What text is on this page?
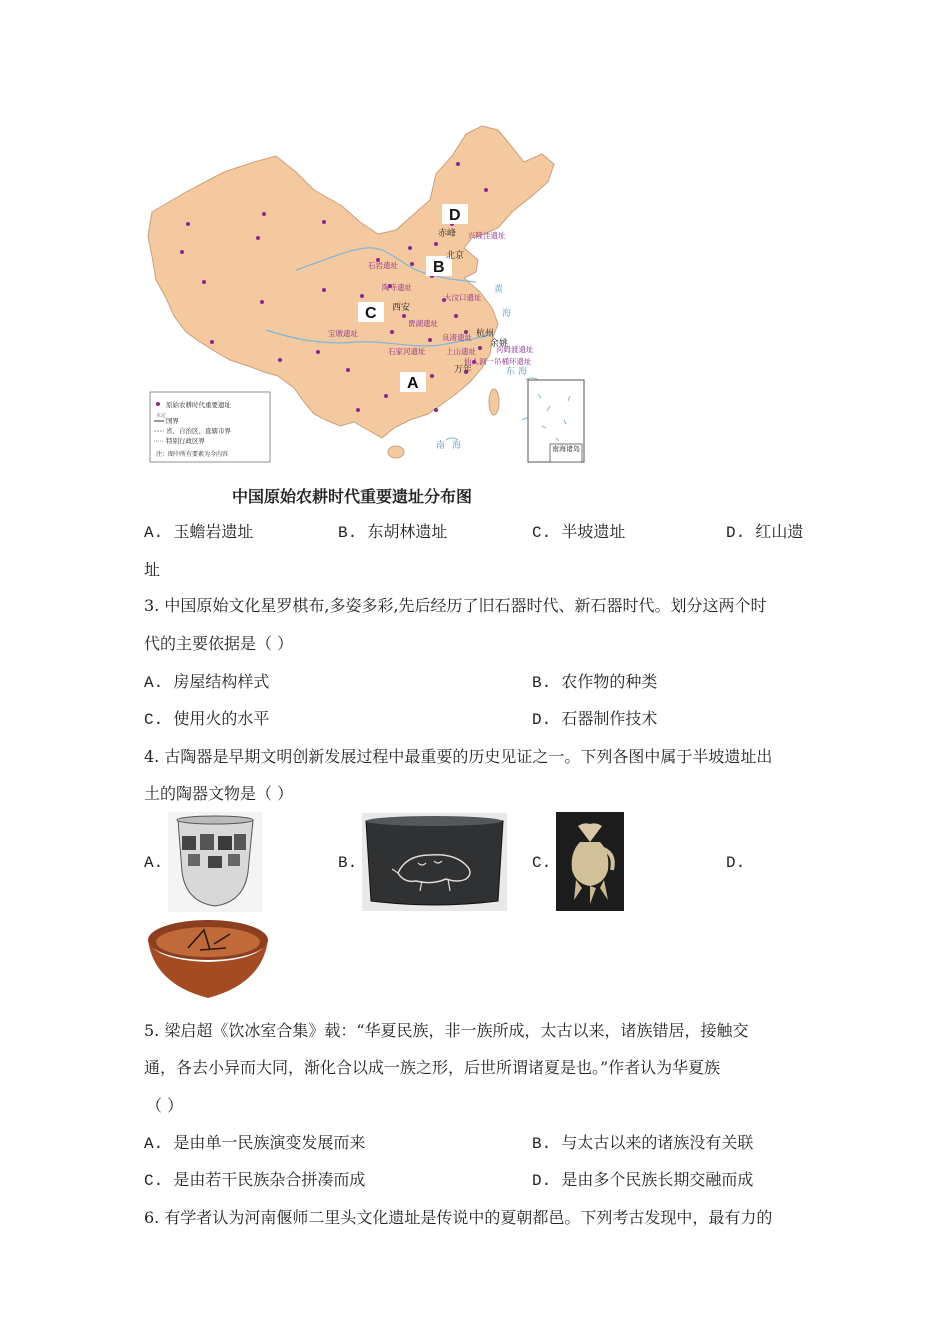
南海诸岛
D
B
C
A
赤峰
北京
西安
杭州
余姚
万年
兴隆洼遗址
石岩遗址
陶寺遗址
大汶口遗址
宝墩遗址
贾湖遗址
良渚遗址
石家河遗址	河姆渡遗址
上山遗址
仙人洞一吊桶环遗址
黄
海
东 海
南 海
原始农耕时代重要遗址
未定
国界
省、自治区、直辖市界
特别行政区界
注：图中所有要素为今内容
中国原始农耕时代重要遗址分布图
A. 玉蟾岩遗址	B. 东胡林遗址	C. 半坡遗址	D. 红山遗
址
3. 中国原始文化星罗棋布,多姿多彩,先后经历了旧石器时代、新石器时代。划分这两个时
代的主要依据是（ ）
A. 房屋结构样式	B. 农作物的种类
C. 使用火的水平	D. 石器制作技术
4. 古陶器是早期文明创新发展过程中最重要的历史见证之一。下列各图中属于半坡遗址出
土的陶器文物是（ ）
A.	B.	C.	D.
5. 梁启超《饮冰室合集》载：“华夏民族，非一族所成，太古以来，诸族错居，接触交
通，各去小异而大同，渐化合以成一族之形，后世所谓诸夏是也。”作者认为华夏族
（ ）
A. 是由单一民族演变发展而来	B. 与太古以来的诸族没有关联
C. 是由若干民族杂合拼凑而成	D. 是由多个民族长期交融而成
6. 有学者认为河南偃师二里头文化遗址是传说中的夏朝都邑。下列考古发现中，最有力的
